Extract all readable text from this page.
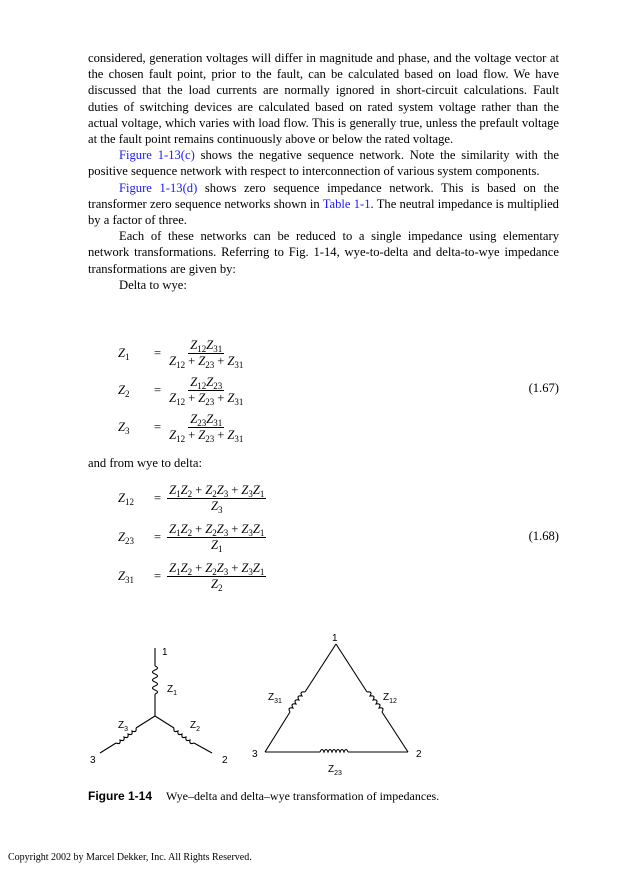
considered, generation voltages will differ in magnitude and phase, and the voltage vector at the chosen fault point, prior to the fault, can be calculated based on load flow. We have discussed that the load currents are normally ignored in short-circuit calculations. Fault duties of switching devices are calculated based on rated system voltage rather than the actual voltage, which varies with load flow. This is generally true, unless the prefault voltage at the fault point remains continuously above or below the rated voltage.

Figure 1-13(c) shows the negative sequence network. Note the similarity with the positive sequence network with respect to interconnection of various system components.

Figure 1-13(d) shows zero sequence impedance network. This is based on the transformer zero sequence networks shown in Table 1-1. The neutral impedance is multiplied by a factor of three.

Each of these networks can be reduced to a single impedance using elementary network transformations. Referring to Fig. 1-14, wye-to-delta and delta-to-wye impedance transformations are given by:

Delta to wye:

$Z_1$	= $\frac{Z_{12}Z_{31}}{Z_{12} + Z_{23} + Z_{31}}$
$Z_2$	= $\frac{Z_{12}Z_{23}}{Z_{12} + Z_{23} + Z_{31}}$
$Z_3$	= $\frac{Z_{23}Z_{31}}{Z_{12} + Z_{23} + Z_{31}}$
(1.67)

and from wye to delta:

$Z_{12}$	= $\frac{Z_1Z_2 + Z_2Z_3 + Z_3Z_1}{Z_3}$
$Z_{23}$	= $\frac{Z_1Z_2 + Z_2Z_3 + Z_3Z_1}{Z_1}$
$Z_{31}$	= $\frac{Z_1Z_2 + Z_2Z_3 + Z_3Z_1}{Z_2}$
(1.68)
1
3	2
$Z_1$
$Z_3$	$Z_2$
1
3	2
$Z_{31}$	$Z_{12}$
$Z_{23}$
Figure 1-14 Wye–delta and delta–wye transformation of impedances.
Copyright 2002 by Marcel Dekker, Inc. All Rights Reserved.
